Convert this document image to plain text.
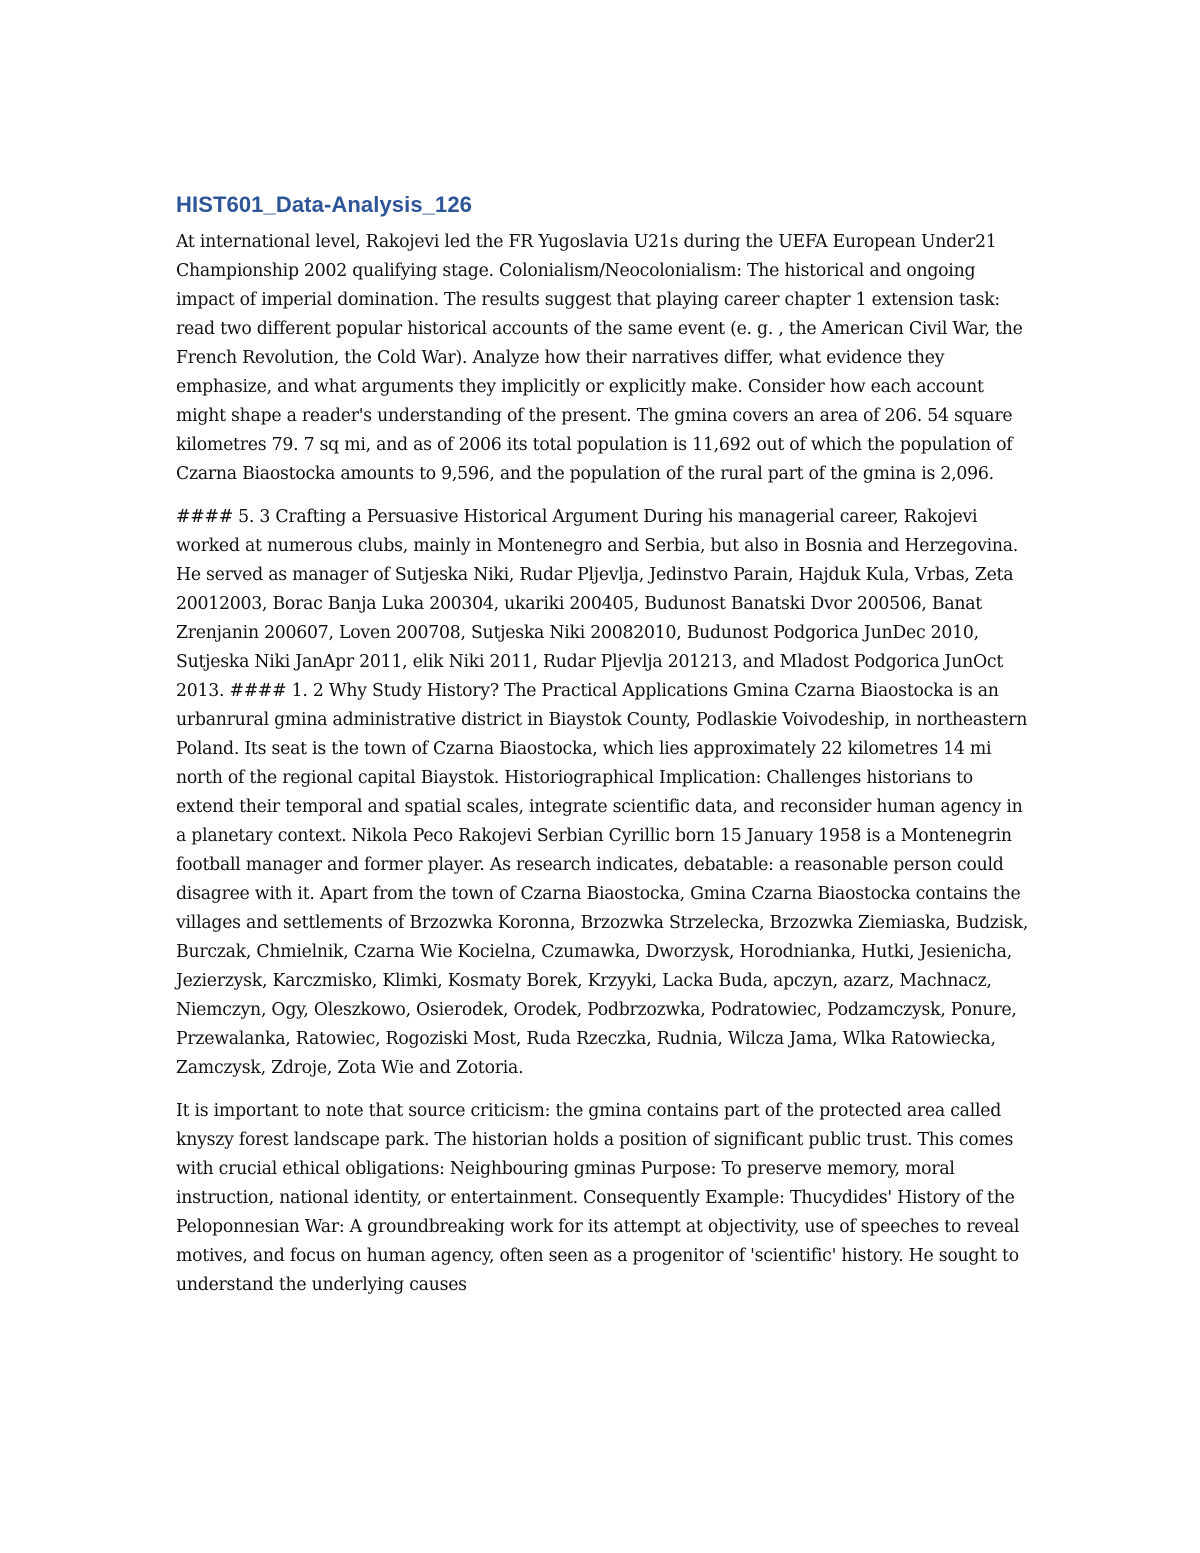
HIST601_Data-Analysis_126

At international level, Rakojevi led the FR Yugoslavia U21s during the UEFA European Under21 Championship 2002 qualifying stage. Colonialism/Neocolonialism: The historical and ongoing impact of imperial domination. The results suggest that playing career chapter 1 extension task: read two different popular historical accounts of the same event (e. g. , the American Civil War, the French Revolution, the Cold War). Analyze how their narratives differ, what evidence they emphasize, and what arguments they implicitly or explicitly make. Consider how each account might shape a reader's understanding of the present. The gmina covers an area of 206. 54 square kilometres 79. 7 sq mi, and as of 2006 its total population is 11,692 out of which the population of Czarna Biaostocka amounts to 9,596, and the population of the rural part of the gmina is 2,096.

#### 5. 3 Crafting a Persuasive Historical Argument During his managerial career, Rakojevi worked at numerous clubs, mainly in Montenegro and Serbia, but also in Bosnia and Herzegovina. He served as manager of Sutjeska Niki, Rudar Pljevlja, Jedinstvo Parain, Hajduk Kula, Vrbas, Zeta 20012003, Borac Banja Luka 200304, ukariki 200405, Budunost Banatski Dvor 200506, Banat Zrenjanin 200607, Loven 200708, Sutjeska Niki 20082010, Budunost Podgorica JunDec 2010, Sutjeska Niki JanApr 2011, elik Niki 2011, Rudar Pljevlja 201213, and Mladost Podgorica JunOct 2013. #### 1. 2 Why Study History? The Practical Applications Gmina Czarna Biaostocka is an urbanrural gmina administrative district in Biaystok County, Podlaskie Voivodeship, in northeastern Poland. Its seat is the town of Czarna Biaostocka, which lies approximately 22 kilometres 14 mi north of the regional capital Biaystok. Historiographical Implication: Challenges historians to extend their temporal and spatial scales, integrate scientific data, and reconsider human agency in a planetary context. Nikola Peco Rakojevi Serbian Cyrillic born 15 January 1958 is a Montenegrin football manager and former player. As research indicates, debatable: a reasonable person could disagree with it. Apart from the town of Czarna Biaostocka, Gmina Czarna Biaostocka contains the villages and settlements of Brzozwka Koronna, Brzozwka Strzelecka, Brzozwka Ziemiaska, Budzisk, Burczak, Chmielnik, Czarna Wie Kocielna, Czumawka, Dworzysk, Horodnianka, Hutki, Jesienicha, Jezierzysk, Karczmisko, Klimki, Kosmaty Borek, Krzyyki, Lacka Buda, apczyn, azarz, Machnacz, Niemczyn, Ogy, Oleszkowo, Osierodek, Orodek, Podbrzozwka, Podratowiec, Podzamczysk, Ponure, Przewalanka, Ratowiec, Rogoziski Most, Ruda Rzeczka, Rudnia, Wilcza Jama, Wlka Ratowiecka, Zamczysk, Zdroje, Zota Wie and Zotoria.

It is important to note that source criticism: the gmina contains part of the protected area called knyszy forest landscape park. The historian holds a position of significant public trust. This comes with crucial ethical obligations: Neighbouring gminas Purpose: To preserve memory, moral instruction, national identity, or entertainment. Consequently Example: Thucydides' History of the Peloponnesian War: A groundbreaking work for its attempt at objectivity, use of speeches to reveal motives, and focus on human agency, often seen as a progenitor of 'scientific' history. He sought to understand the underlying causes
